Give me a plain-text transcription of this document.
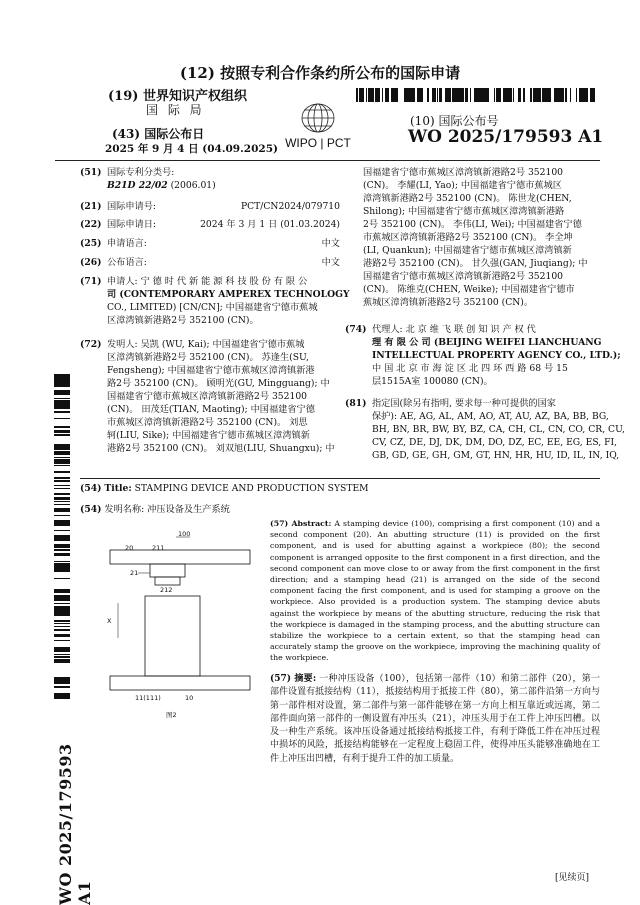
(12) 按照专利合作条约所公布的国际申请
(19) 世界知识产权组织
国 际 局
(43) 国际公布日
2025 年 9 月 4 日 (04.09.2025)
(10) 国际公布号
WO 2025/179593 A1
WIPO | PCT
WO 2025/179593 A1
(51) 国际专利分类号:
B21D 22/02 (2006.01)
(21) 国际申请号:	PCT/CN2024/079710
(22) 国际申请日:	2024 年 3 月 1 日 (01.03.2024)
(25) 申请语言:	中文
(26) 公布语言:	中文
(71) 申请人: 宁 德 时 代 新 能 源 科 技 股 份 有 限 公
司 (CONTEMPORARY AMPEREX TECHNOLOGY
CO., LIMITED) [CN/CN]; 中国福建省宁德市蕉城
区漳湾镇新港路2号 352100 (CN)。
(72) 发明人: 吴凯 (WU, Kai); 中国福建省宁德市蕉城
区漳湾镇新港路2号 352100 (CN)。 苏逢生(SU,
Fengsheng); 中国福建省宁德市蕉城区漳湾镇新港
路2号 352100 (CN)。 顾明光(GU, Mingguang); 中
国福建省宁德市蕉城区漳湾镇新港路2号 352100
(CN)。 田茂廷(TIAN, Maoting); 中国福建省宁德
市蕉城区漳湾镇新港路2号 352100 (CN)。 刘思
轲(LIU, Sike); 中国福建省宁德市蕉城区漳湾镇新
港路2号 352100 (CN)。 刘双旭(LIU, Shuangxu); 中
国福建省宁德市蕉城区漳湾镇新港路2号 352100
(CN)。 李耀(LI, Yao); 中国福建省宁德市蕉城区
漳湾镇新港路2号 352100 (CN)。 陈世龙(CHEN,
Shilong); 中国福建省宁德市蕉城区漳湾镇新港路
2号 352100 (CN)。 李伟(LI, Wei); 中国福建省宁德
市蕉城区漳湾镇新港路2号 352100 (CN)。 李全坤
(LI, Quankun); 中国福建省宁德市蕉城区漳湾镇新
港路2号 352100 (CN)。 甘久强(GAN, Jiuqiang); 中
国福建省宁德市蕉城区漳湾镇新港路2号 352100
(CN)。 陈维克(CHEN, Weike); 中国福建省宁德市
蕉城区漳湾镇新港路2号 352100 (CN)。
(74) 代理人: 北 京 维 飞 联 创 知 识 产 权 代
理 有 限 公 司 (BEIJING WEIFEI LIANCHUANG
INTELLECTUAL PROPERTY AGENCY CO., LTD.);
中 国 北 京 市 海 淀 区 北 四 环 西 路 68 号 15
层1515A室 100080 (CN)。
(81) 指定国(除另有指明, 要求每一种可提供的国家
保护): AE, AG, AL, AM, AO, AT, AU, AZ, BA, BB, BG,
BH, BN, BR, BW, BY, BZ, CA, CH, CL, CN, CO, CR, CU,
CV, CZ, DE, DJ, DK, DM, DO, DZ, EC, EE, EG, ES, FI,
GB, GD, GE, GH, GM, GT, HN, HR, HU, ID, IL, IN, IQ,
(54) Title: STAMPING DEVICE AND PRODUCTION SYSTEM
(54) 发明名称: 冲压设备及生产系统
100
20	211
21
212
X
11(111)	10
图2
(57) Abstract: A stamping device (100), comprising a first component (10) and a second component (20). An abutting structure (11) is provided on the first component, and is used for abutting against a workpiece (80); the second component is arranged opposite to the first component in a first direction, and the second component can move close to or away from the first component in the first direction; and a stamping head (21) is arranged on the side of the second component facing the first component, and is used for stamping a groove on the workpiece. Also provided is a production system. The stamping device abuts against the workpiece by means of the abutting structure, reducing the risk that the workpiece is damaged in the stamping process, and the abutting structure can stabilize the workpiece to a certain extent, so that the stamping head can accurately stamp the groove on the workpiece, improving the machining quality of the workpiece.
(57) 摘要: 一种冲压设备（100），包括第一部件（10）和第二部件（20），第一部件设置有抵接结构（11），抵接结构用于抵接工件（80），第二部件沿第一方向与第一部件相对设置，第二部件与第一部件能够在第一方向上相互靠近或远离，第二部件面向第一部件的一侧设置有冲压头（21），冲压头用于在工件上冲压凹槽。以及一种生产系统。该冲压设备通过抵接结构抵接工件，有利于降低工件在冲压过程中损坏的风险，抵接结构能够在一定程度上稳固工件，使得冲压头能够准确地在工件上冲压出凹槽，有利于提升工件的加工质量。
[见续页]
